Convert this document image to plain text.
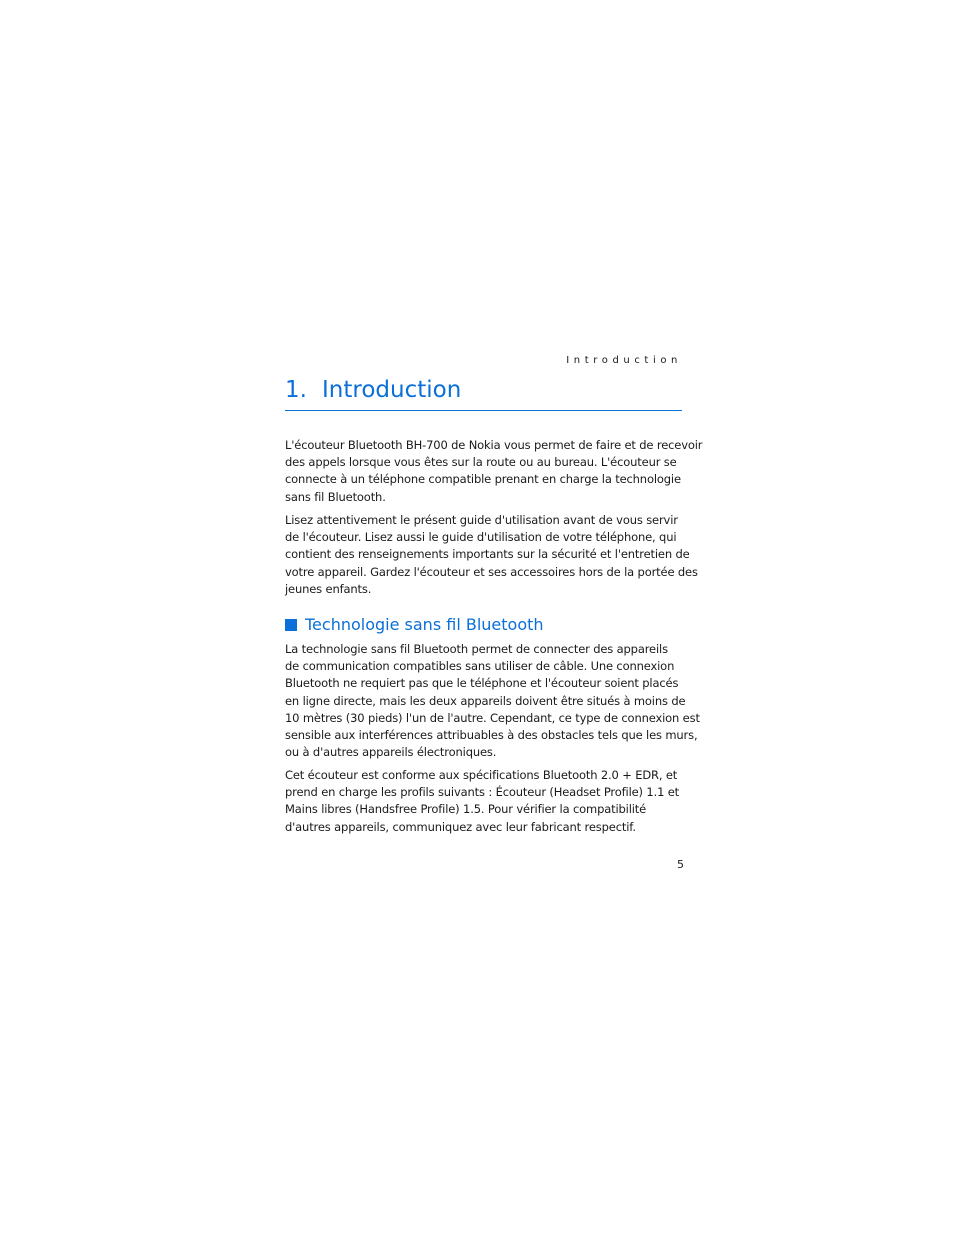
Introduction
1. Introduction

L'écouteur Bluetooth BH-700 de Nokia vous permet de faire et de recevoir
des appels lorsque vous êtes sur la route ou au bureau. L'écouteur se
connecte à un téléphone compatible prenant en charge la technologie
sans fil Bluetooth.

Lisez attentivement le présent guide d'utilisation avant de vous servir
de l'écouteur. Lisez aussi le guide d'utilisation de votre téléphone, qui
contient des renseignements importants sur la sécurité et l'entretien de
votre appareil. Gardez l'écouteur et ses accessoires hors de la portée des
jeunes enfants.

Technologie sans fil Bluetooth

La technologie sans fil Bluetooth permet de connecter des appareils
de communication compatibles sans utiliser de câble. Une connexion
Bluetooth ne requiert pas que le téléphone et l'écouteur soient placés
en ligne directe, mais les deux appareils doivent être situés à moins de
10 mètres (30 pieds) l'un de l'autre. Cependant, ce type de connexion est
sensible aux interférences attribuables à des obstacles tels que les murs,
ou à d'autres appareils électroniques.

Cet écouteur est conforme aux spécifications Bluetooth 2.0 + EDR, et
prend en charge les profils suivants : Écouteur (Headset Profile) 1.1 et
Mains libres (Handsfree Profile) 1.5. Pour vérifier la compatibilité
d'autres appareils, communiquez avec leur fabricant respectif.

5
